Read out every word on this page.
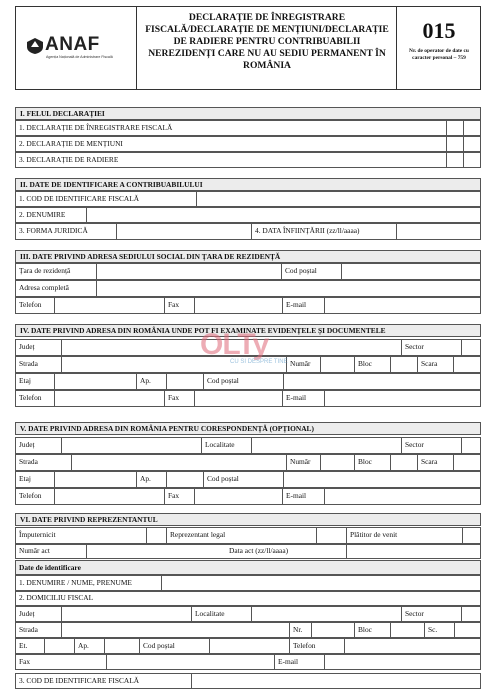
ANAF
Agenția Națională de Administrare Fiscală
DECLARAȚIE DE ÎNREGISTRARE FISCALĂ/DECLARAȚIE DE MENȚIUNI/DECLARAȚIE DE RADIERE PENTRU CONTRIBUABILII NEREZIDENȚI CARE NU AU SEDIU PERMANENT ÎN ROMÂNIA
015
Nr. de operator de date cu caracter personal – 759
I. FELUL DECLARAȚIEI
1. DECLARAȚIE DE ÎNREGISTRARE FISCALĂ
2. DECLARAȚIE DE MENȚIUNI
3. DECLARAȚIE DE RADIERE
II. DATE DE IDENTIFICARE A CONTRIBUABILULUI
1. COD DE IDENTIFICARE FISCALĂ
2. DENUMIRE
3. FORMA JURIDICĂ	4. DATA ÎNFIINȚĂRII (zz/ll/aaaa)
III. DATE PRIVIND ADRESA SEDIULUI SOCIAL DIN ȚARA DE REZIDENȚĂ
Țara de rezidență	Cod poștal
Adresa completă
Telefon	Fax	E-mail
IV. DATE PRIVIND ADRESA DIN ROMÂNIA UNDE POT FI EXAMINATE EVIDENȚELE ȘI DOCUMENTELE
Județ	Sector
Strada	Număr	Bloc	Scara
Etaj	Ap.	Cod poștal
Telefon	Fax	E-mail
OLTy
CU SI DESPRE TINE
V. DATE PRIVIND ADRESA DIN ROMÂNIA PENTRU CORESPONDENȚĂ (OPȚIONAL)
Județ	Localitate	Sector
Strada	Număr	Bloc	Scara
Etaj	Ap.	Cod poștal
Telefon	Fax	E-mail
VI. DATE PRIVIND REPREZENTANTUL
Împuternicit	Reprezentant legal	Plătitor de venit
Număr act	Data act (zz/ll/aaaa)
Date de identificare
1. DENUMIRE / NUME, PRENUME
2. DOMICILIU FISCAL
Județ	Localitate	Sector
Strada	Nr.	Bloc	Sc.
Et.	Ap.	Cod poștal	Telefon
Fax	E-mail
3. COD DE IDENTIFICARE FISCALĂ
